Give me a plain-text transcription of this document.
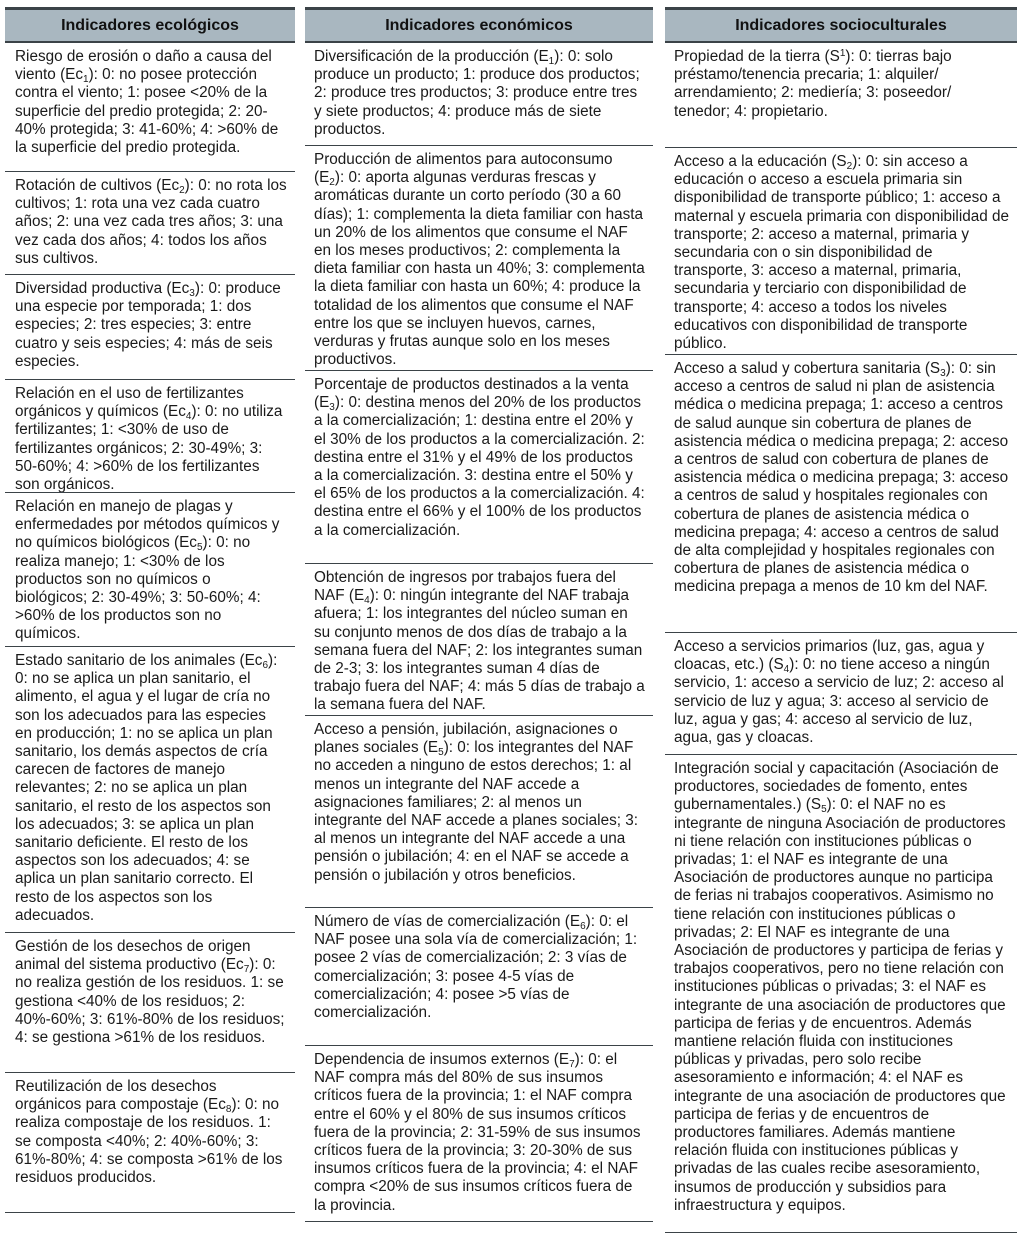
Indicadores ecológicos
Riesgo de erosión o daño a causa del viento $(Ec_1)$: 0: no posee protección contra el viento; 1: posee <20% de la superficie del predio protegida; 2: 20-40% protegida; 3: 41-60%; 4: >60% de la superficie del predio protegida.
Rotación de cultivos $(Ec_2)$: 0: no rota los cultivos; 1: rota una vez cada cuatro años; 2: una vez cada tres años; 3: una vez cada dos años; 4: todos los años sus cultivos.
Diversidad productiva $(Ec_3)$: 0: produce una especie por temporada; 1: dos especies; 2: tres especies; 3: entre cuatro y seis especies; 4: más de seis especies.
Relación en el uso de fertilizantes orgánicos y químicos $(Ec_4)$: 0: no utiliza fertilizantes; 1: <30% de uso de fertilizantes orgánicos; 2: 30-49%; 3: 50-60%; 4: >60% de los fertilizantes son orgánicos.
Relación en manejo de plagas y enfermedades por métodos químicos y no químicos biológicos $(Ec_5)$: 0: no realiza manejo; 1: <30% de los productos son no químicos o biológicos; 2: 30-49%; 3: 50-60%; 4: >60% de los productos son no químicos.
Estado sanitario de los animales $(Ec_6)$: 0: no se aplica un plan sanitario, el alimento, el agua y el lugar de cría no son los adecuados para las especies en producción; 1: no se aplica un plan sanitario, los demás aspectos de cría carecen de factores de manejo relevantes; 2: no se aplica un plan sanitario, el resto de los aspectos son los adecuados; 3: se aplica un plan sanitario deficiente. El resto de los aspectos son los adecuados; 4: se aplica un plan sanitario correcto. El resto de los aspectos son los adecuados.
Gestión de los desechos de origen animal del sistema productivo $(Ec_7)$: 0: no realiza gestión de los residuos. 1: se gestiona <40% de los residuos; 2: 40%-60%; 3: 61%-80% de los residuos; 4: se gestiona >61% de los residuos.
Reutilización de los desechos orgánicos para compostaje $(Ec_8)$: 0: no realiza compostaje de los residuos. 1: se composta <40%; 2: 40%-60%; 3: 61%-80%; 4: se composta >61% de los residuos producidos.
Indicadores económicos
Diversificación de la producción $(E_1)$: 0: solo produce un producto; 1: produce dos productos; 2: produce tres productos; 3: produce entre tres y siete productos; 4: produce más de siete productos.
Producción de alimentos para autoconsumo $(E_2)$: 0: aporta algunas verduras frescas y aromáticas durante un corto período (30 a 60 días); 1: complementa la dieta familiar con hasta un 20% de los alimentos que consume el NAF en los meses productivos; 2: complementa la dieta familiar con hasta un 40%; 3: complementa la dieta familiar con hasta un 60%; 4: produce la totalidad de los alimentos que consume el NAF entre los que se incluyen huevos, carnes, verduras y frutas aunque solo en los meses productivos.
Porcentaje de productos destinados a la venta $(E_3)$: 0: destina menos del 20% de los productos a la comercialización; 1: destina entre el 20% y el 30% de los productos a la comercialización. 2: destina entre el 31% y el 49% de los productos a la comercialización. 3: destina entre el 50% y el 65% de los productos a la comercialización. 4: destina entre el 66% y el 100% de los productos a la comercialización.
Obtención de ingresos por trabajos fuera del NAF $(E_4)$: 0: ningún integrante del NAF trabaja afuera; 1: los integrantes del núcleo suman en su conjunto menos de dos días de trabajo a la semana fuera del NAF; 2: los integrantes suman de 2-3; 3: los integrantes suman 4 días de trabajo fuera del NAF; 4: más 5 días de trabajo a la semana fuera del NAF.
Acceso a pensión, jubilación, asignaciones o planes sociales $(E_5)$: 0: los integrantes del NAF no acceden a ninguno de estos derechos; 1: al menos un integrante del NAF accede a asignaciones familiares; 2: al menos un integrante del NAF accede a planes sociales; 3: al menos un integrante del NAF accede a una pensión o jubilación; 4: en el NAF se accede a pensión o jubilación y otros beneficios.
Número de vías de comercialización $(E_6)$: 0: el NAF posee una sola vía de comercialización; 1: posee 2 vías de comercialización; 2: 3 vías de comercialización; 3: posee 4-5 vías de comercialización; 4: posee >5 vías de comercialización.
Dependencia de insumos externos $(E_7)$: 0: el NAF compra más del 80% de sus insumos críticos fuera de la provincia; 1: el NAF compra entre el 60% y el 80% de sus insumos críticos fuera de la provincia; 2: 31-59% de sus insumos críticos fuera de la provincia; 3: 20-30% de sus insumos críticos fuera de la provincia; 4: el NAF compra <20% de sus insumos críticos fuera de la provincia.
Indicadores socioculturales
Propiedad de la tierra $(S^1)$: 0: tierras bajo préstamo/tenencia precaria; 1: alquiler/ arrendamiento; 2: mediería; 3: poseedor/ tenedor; 4: propietario.
Acceso a la educación $(S_2)$: 0: sin acceso a educación o acceso a escuela primaria sin disponibilidad de transporte público; 1: acceso a maternal y escuela primaria con disponibilidad de transporte; 2: acceso a maternal, primaria y secundaria con o sin disponibilidad de transporte, 3: acceso a maternal, primaria, secundaria y terciario con disponibilidad de transporte; 4: acceso a todos los niveles educativos con disponibilidad de transporte público.
Acceso a salud y cobertura sanitaria $(S_3)$: 0: sin acceso a centros de salud ni plan de asistencia médica o medicina prepaga; 1: acceso a centros de salud aunque sin cobertura de planes de asistencia médica o medicina prepaga; 2: acceso a centros de salud con cobertura de planes de asistencia médica o medicina prepaga; 3: acceso a centros de salud y hospitales regionales con cobertura de planes de asistencia médica o medicina prepaga; 4: acceso a centros de salud de alta complejidad y hospitales regionales con cobertura de planes de asistencia médica o medicina prepaga a menos de 10 km del NAF.
Acceso a servicios primarios (luz, gas, agua y cloacas, etc.) $(S_4)$: 0: no tiene acceso a ningún servicio, 1: acceso a servicio de luz; 2: acceso al servicio de luz y agua; 3: acceso al servicio de luz, agua y gas; 4: acceso al servicio de luz, agua, gas y cloacas.
Integración social y capacitación (Asociación de productores, sociedades de fomento, entes gubernamentales.) $(S_5)$: 0: el NAF no es integrante de ninguna Asociación de productores ni tiene relación con instituciones públicas o privadas; 1: el NAF es integrante de una Asociación de productores aunque no participa de ferias ni trabajos cooperativos. Asimismo no tiene relación con instituciones públicas o privadas; 2: El NAF es integrante de una Asociación de productores y participa de ferias y trabajos cooperativos, pero no tiene relación con instituciones públicas o privadas; 3: el NAF es integrante de una asociación de productores que participa de ferias y de encuentros. Además mantiene relación fluida con instituciones públicas y privadas, pero solo recibe asesoramiento e información; 4: el NAF es integrante de una asociación de productores que participa de ferias y de encuentros de productores familiares. Además mantiene relación fluida con instituciones públicas y privadas de las cuales recibe asesoramiento, insumos de producción y subsidios para infraestructura y equipos.
